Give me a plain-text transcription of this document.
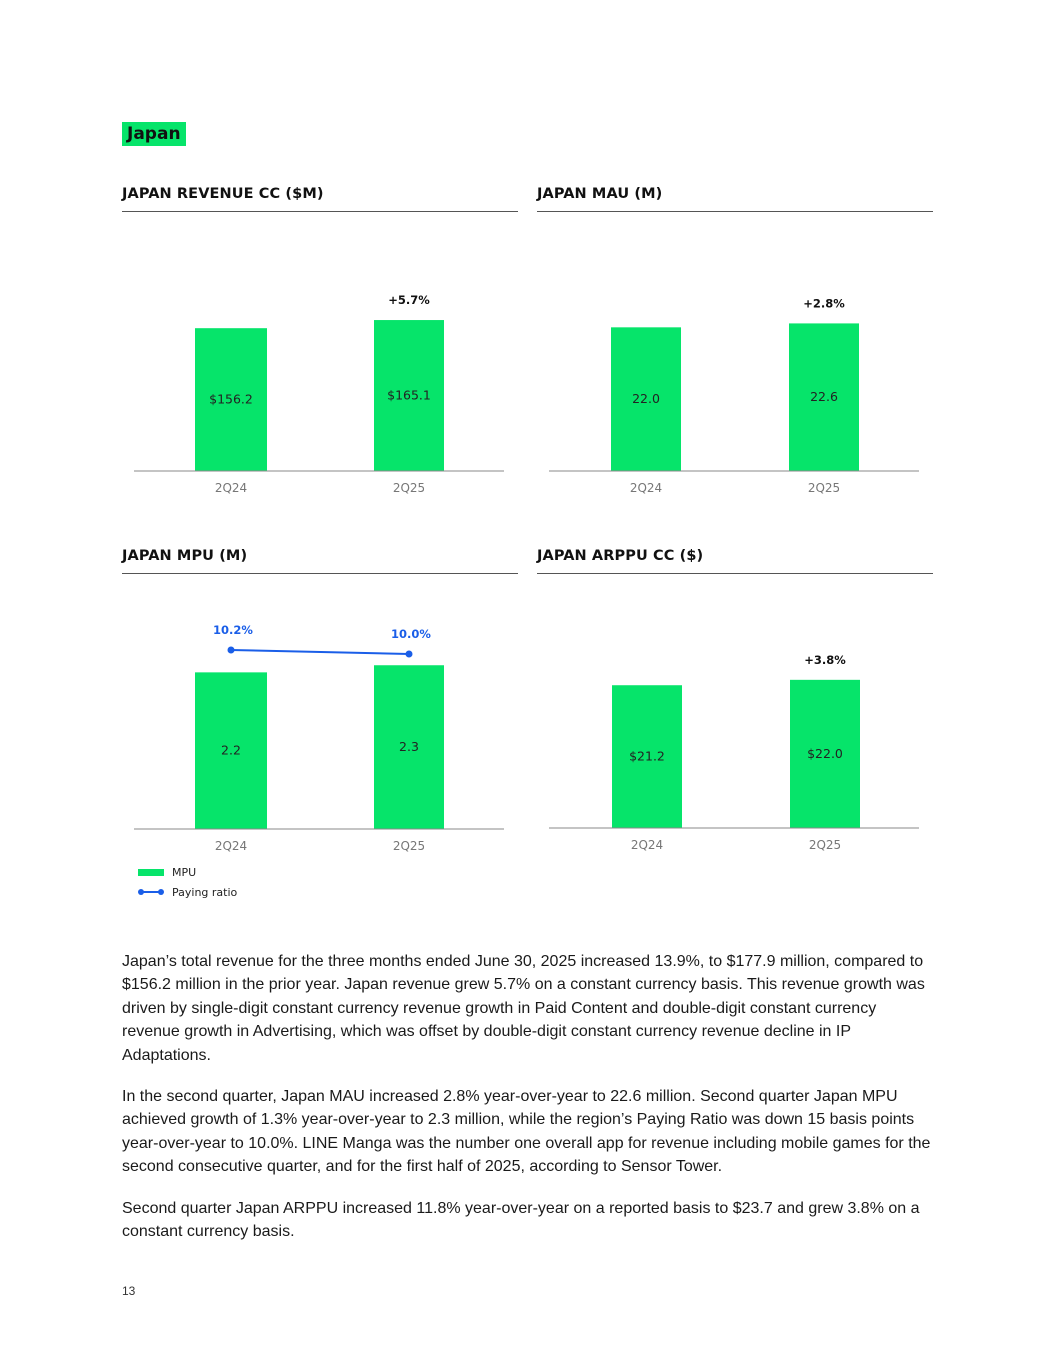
Japan
JAPAN REVENUE CC ($M)
$156.2
2Q24
$165.1
2Q25
+5.7%
JAPAN MAU (M)
22.0
2Q24
22.6
2Q25
+2.8%
JAPAN MPU (M)
2.2
2Q24
2.3
2Q25
10.2%	10.0%
JAPAN ARPPU CC ($)
$21.2
2Q24
$22.0
2Q25
+3.8%
MPU
Paying ratio

Japan’s total revenue for the three months ended June 30, 2025 increased 13.9%, to $177.9 million, compared to $156.2 million in the prior year. Japan revenue grew 5.7% on a constant currency basis. This revenue growth was driven by single-digit constant currency revenue growth in Paid Content and double-digit constant currency revenue growth in Advertising, which was offset by double-digit constant currency revenue decline in IP Adaptations.

In the second quarter, Japan MAU increased 2.8% year-over-year to 22.6 million. Second quarter Japan MPU achieved growth of 1.3% year-over-year to 2.3 million, while the region’s Paying Ratio was down 15 basis points year-over-year to 10.0%. LINE Manga was the number one overall app for revenue including mobile games for the second consecutive quarter, and for the first half of 2025, according to Sensor Tower.

Second quarter Japan ARPPU increased 11.8% year-over-year on a reported basis to $23.7 and grew 3.8% on a constant currency basis.

13
